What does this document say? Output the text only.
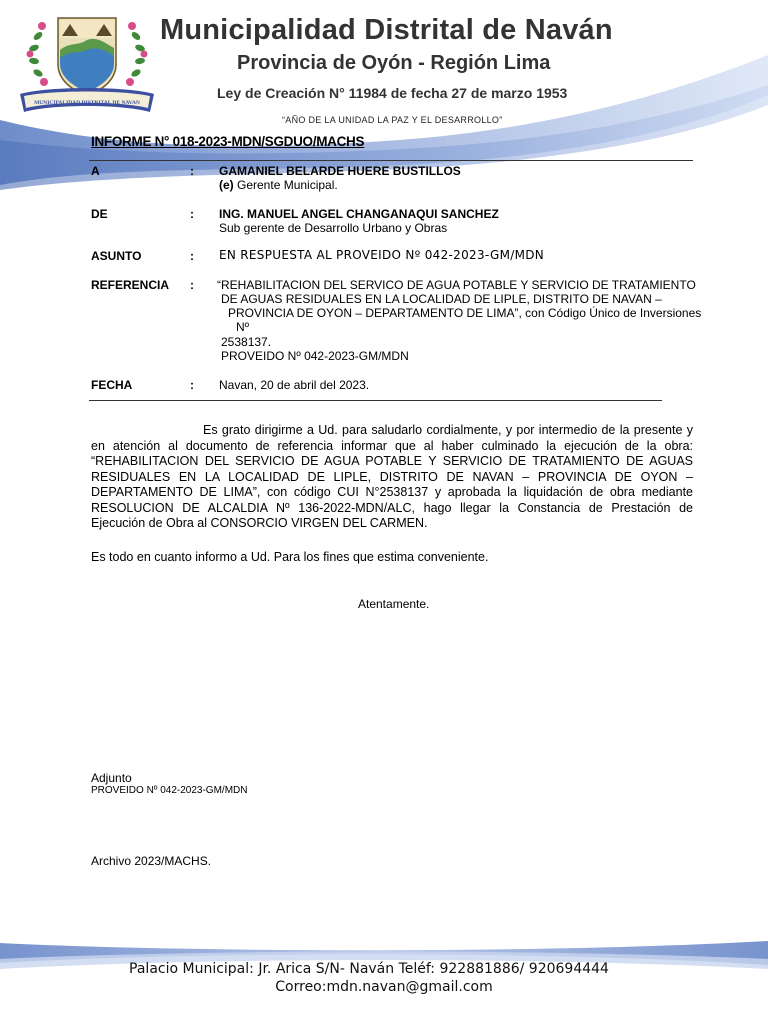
MUNICIPALIDAD DISTRITAL DE NAVAN
Municipalidad Distrital de Naván
Provincia de Oyón - Región Lima
Ley de Creación N° 11984 de fecha 27 de marzo 1953
“AÑO DE LA UNIDAD LA PAZ Y EL DESARROLLO”
INFORME N° 018-2023-MDN/SGDUO/MACHS
A	: GAMANIEL BELARDE HUERE BUSTILLOS
(e) Gerente Municipal.
DE	: ING. MANUEL ANGEL CHANGANAQUI SANCHEZ
Sub gerente de Desarrollo Urbano y Obras
ASUNTO	: EN RESPUESTA AL PROVEIDO Nº 042-2023-GM/MDN
REFERENCIA : “REHABILITACION DEL SERVICO DE AGUA POTABLE Y SERVICIO DE TRATAMIENTO
DE AGUAS RESIDUALES EN LA LOCALIDAD DE LIPLE, DISTRITO DE NAVAN –
PROVINCIA DE OYON – DEPARTAMENTO DE LIMA”, con Código Único de Inversiones
Nº
2538137.
PROVEIDO Nº 042-2023-GM/MDN
FECHA	: Navan, 20 de abril del 2023.
Es grato dirigirme a Ud. para saludarlo cordialmente, y por intermedio de la presente y en atención al documento de referencia informar que al haber culminado la ejecución de la obra: “REHABILITACION DEL SERVICIO DE AGUA POTABLE Y SERVICIO DE TRATAMIENTO DE AGUAS RESIDUALES EN LA LOCALIDAD DE LIPLE, DISTRITO DE NAVAN – PROVINCIA DE OYON – DEPARTAMENTO DE LIMA”, con código CUI N°2538137 y aprobada la liquidación de obra mediante RESOLUCION DE ALCALDIA Nº 136-2022-MDN/ALC, hago llegar la Constancia de Prestación de Ejecución de Obra al CONSORCIO VIRGEN DEL CARMEN.
Es todo en cuanto informo a Ud. Para los fines que estima conveniente.
Atentamente.
Adjunto
PROVEIDO Nº 042-2023-GM/MDN
Archivo 2023/MACHS.
Palacio Municipal: Jr. Arica S/N- Naván Teléf: 922881886/ 920694444
Correo:mdn.navan@gmail.com
